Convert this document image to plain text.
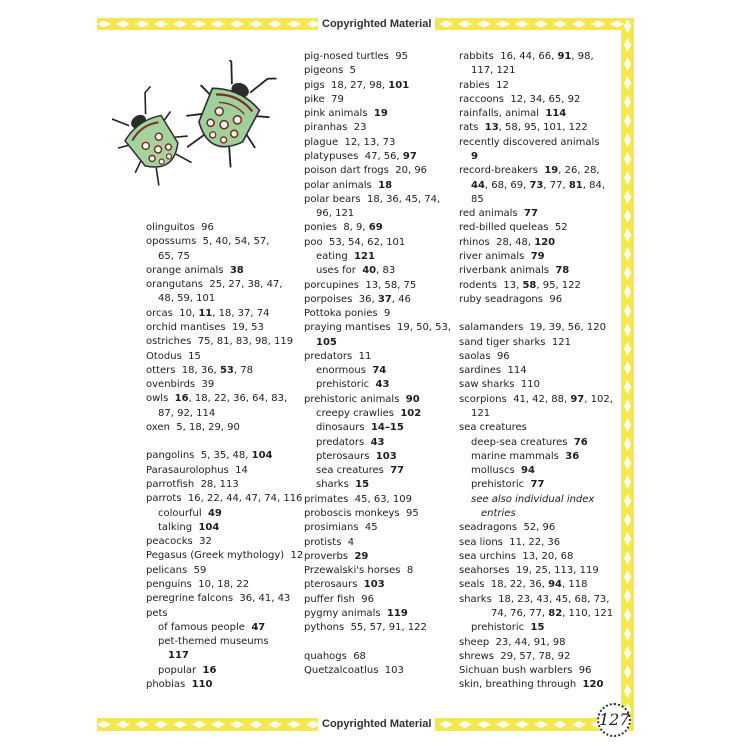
Copyrighted Material
Copyrighted Material
olinguitos 96
opossums 5, 40, 54, 57,
65, 75
orange animals 38
orangutans 25, 27, 38, 47,
48, 59, 101
orcas 10, 11, 18, 37, 74
orchid mantises 19, 53
ostriches 75, 81, 83, 98, 119
Otodus 15
otters 18, 36, 53, 78
ovenbirds 39
owls 16, 18, 22, 36, 64, 83,
87, 92, 114
oxen 5, 18, 29, 90
pangolins 5, 35, 48, 104
Parasaurolophus 14
parrotfish 28, 113
parrots 16, 22, 44, 47, 74, 116
colourful 49
talking 104
peacocks 32
Pegasus (Greek mythology) 12
pelicans 59
penguins 10, 18, 22
peregrine falcons 36, 41, 43
pets
of famous people 47
pet-themed museums
117
popular 16
phobias 110
pig-nosed turtles 95
pigeons 5
pigs 18, 27, 98, 101
pike 79
pink animals 19
piranhas 23
plague 12, 13, 73
platypuses 47, 56, 97
poison dart frogs 20, 96
polar animals 18
polar bears 18, 36, 45, 74,
96, 121
ponies 8, 9, 69
poo 53, 54, 62, 101
eating 121
uses for 40, 83
porcupines 13, 58, 75
porpoises 36, 37, 46
Pottoka ponies 9
praying mantises 19, 50, 53,
105
predators 11
enormous 74
prehistoric 43
prehistoric animals 90
creepy crawlies 102
dinosaurs 14–15
predators 43
pterosaurs 103
sea creatures 77
sharks 15
primates 45, 63, 109
proboscis monkeys 95
prosimians 45
protists 4
proverbs 29
Przewalski's horses 8
pterosaurs 103
puffer fish 96
pygmy animals 119
pythons 55, 57, 91, 122
quahogs 68
Quetzalcoatlus 103
rabbits 16, 44, 66, 91, 98,
117, 121
rabies 12
raccoons 12, 34, 65, 92
rainfalls, animal 114
rats 13, 58, 95, 101, 122
recently discovered animals
9
record-breakers 19, 26, 28,
44, 68, 69, 73, 77, 81, 84,
85
red animals 77
red-billed queleas 52
rhinos 28, 48, 120
river animals 79
riverbank animals 78
rodents 13, 58, 95, 122
ruby seadragons 96
salamanders 19, 39, 56, 120
sand tiger sharks 121
saolas 96
sardines 114
saw sharks 110
scorpions 41, 42, 88, 97, 102,
121
sea creatures
deep-sea creatures 76
marine mammals 36
molluscs 94
prehistoric 77
see also individual index
entries
seadragons 52, 96
sea lions 11, 22, 36
sea urchins 13, 20, 68
seahorses 19, 25, 113, 119
seals 18, 22, 36, 94, 118
sharks 18, 23, 43, 45, 68, 73,
74, 76, 77, 82, 110, 121
prehistoric 15
sheep 23, 44, 91, 98
shrews 29, 57, 78, 92
Sichuan bush warblers 96
skin, breathing through 120
127
